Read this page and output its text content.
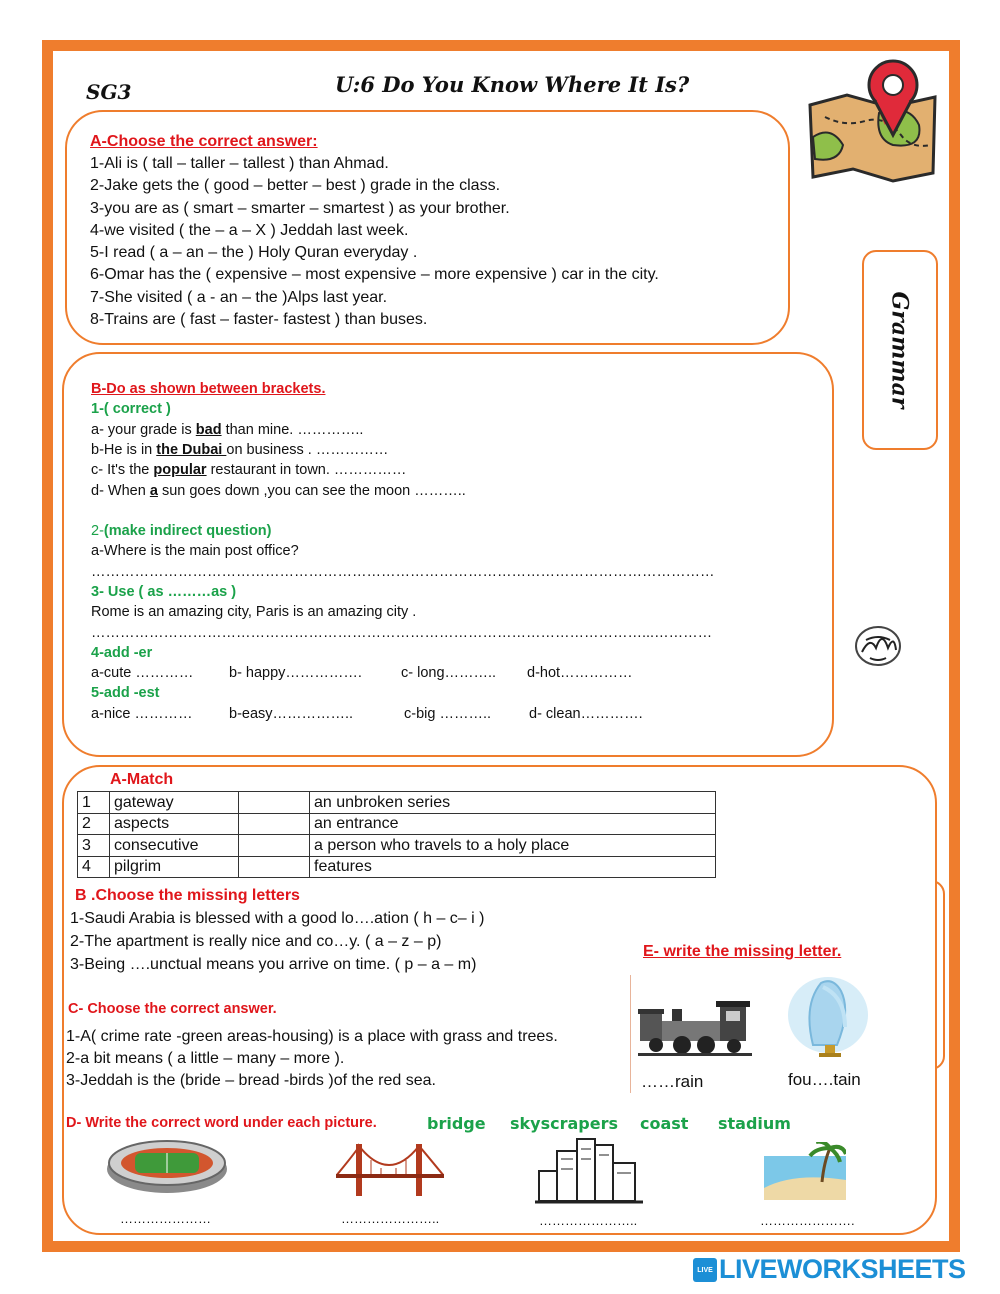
SG3	U:6 Do You Know Where It Is?
Grammar
A-Choose the correct answer:
1-Ali is ( tall – taller – tallest ) than Ahmad.
2-Jake gets the ( good – better – best ) grade in the class.
3-you are as ( smart – smarter – smartest ) as your brother.
4-we visited ( the – a – X ) Jeddah last week.
5-I read ( a – an – the ) Holy Quran everyday .
6-Omar has the ( expensive – most expensive – more expensive ) car in the city.
7-She visited ( a - an – the )Alps last year.
8-Trains are ( fast – faster- fastest ) than buses.
B-Do as shown between brackets.
1-( correct )
a- your grade is bad than mine. …………..
b-He is in the Dubai on business . ……………
c- It's the popular restaurant in town. ……………
d- When a sun goes down ,you can see the moon ………..
2-(make indirect question)
a-Where is the main post office?
…………………………………………………………………………………………………………………
3- Use ( as ………as )
Rome is an amazing city, Paris is an amazing city .
……………………………………………………………………………………………………...…………
4-add -er
a-cute ………… b- happy…………….	c- long……….. d-hot……………
5-add -est
a-nice …………	b-easy……………..	c-big ………..	d- clean………….
A-Match
1	gateway		an unbroken series
2	aspects		an entrance
3	consecutive		a person who travels to a holy place
4	pilgrim		features
B .Choose the missing letters
1-Saudi Arabia is blessed with a good lo….ation ( h – c– i )
2-The apartment is really nice and co…y. ( a – z – p)
3-Being ….unctual means you arrive on time. ( p – a – m)
C- Choose the correct answer.
1-A( crime rate -green areas-housing) is a place with grass and trees.
2-a bit means ( a little – many – more ).
3-Jeddah is the (bride – bread -birds )of the red sea.
E- write the missing letter.
……rain	fou….tain
D- Write the correct word under each picture.	bridge skyscrapers coast stadium
…………………	…………………..	…………………..	………………….
LIVE LIVEWORKSHEETS
